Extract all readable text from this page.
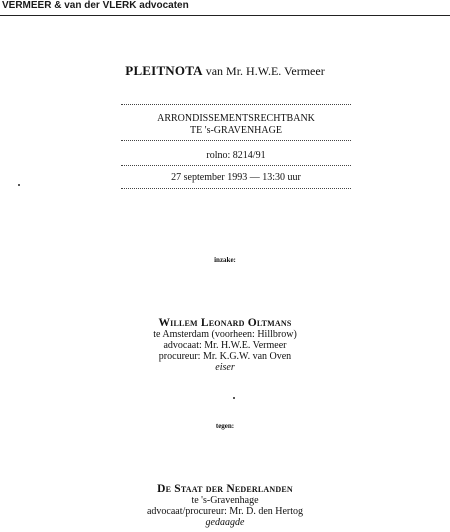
VERMEER & van der VLERK advocaten
PLEITNOTA van Mr. H.W.E. Vermeer
ARRONDISSEMENTSRECHTBANK
TE 's-GRAVENHAGE
rolno: 8214/91
27 september 1993 — 13:30 uur
inzake:
Willem Leonard Oltmans
te Amsterdam (voorheen: Hillbrow)
advocaat: Mr. H.W.E. Vermeer
procureur: Mr. K.G.W. van Oven
eiser
tegen:
De Staat der Nederlanden
te 's-Gravenhage
advocaat/procureur: Mr. D. den Hertog
gedaagde
